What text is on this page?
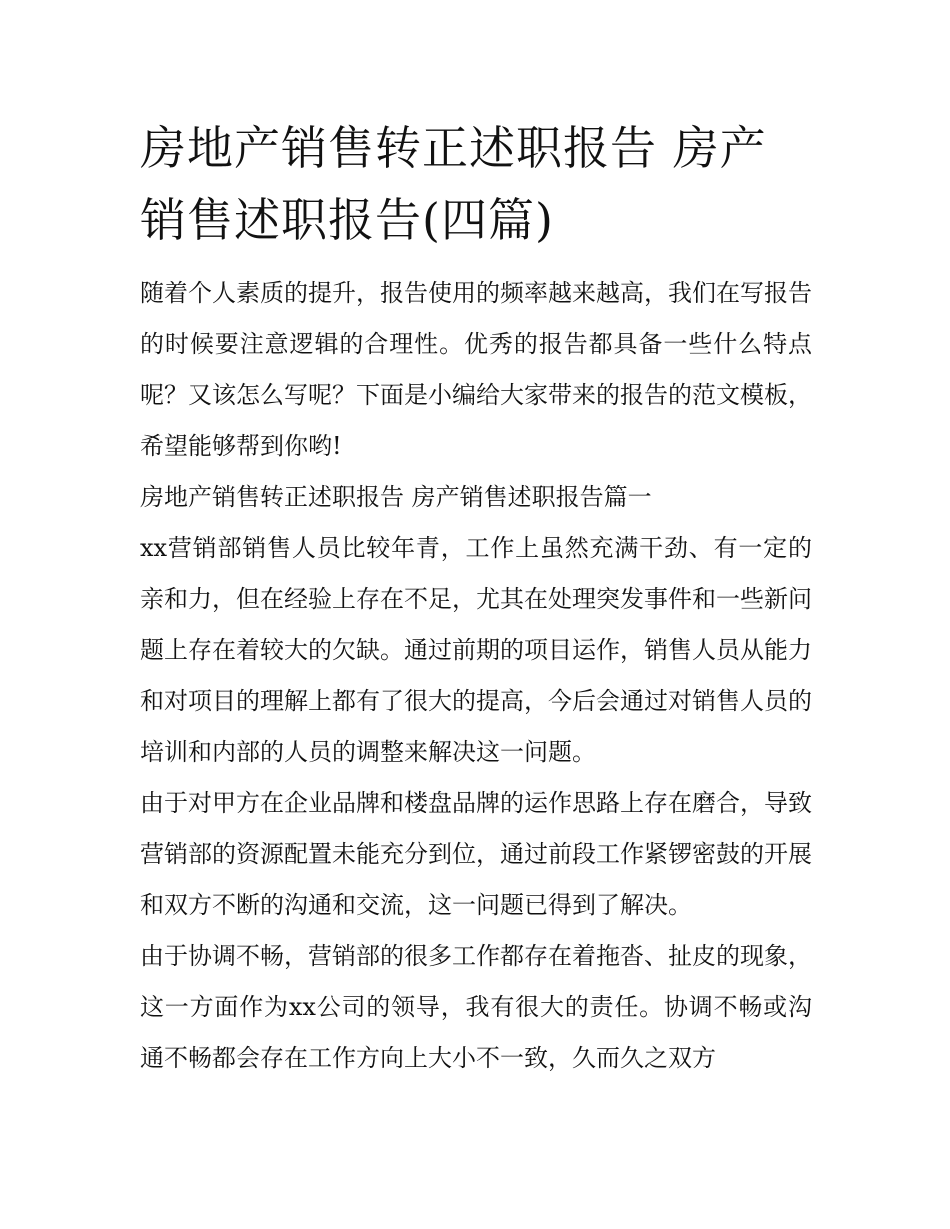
房地产销售转正述职报告 房产销售述职报告(四篇)

随着个人素质的提升，报告使用的频率越来越高，我们在写报告的时候要注意逻辑的合理性。优秀的报告都具备一些什么特点呢？又该怎么写呢？下面是小编给大家带来的报告的范文模板，希望能够帮到你哟!

房地产销售转正述职报告 房产销售述职报告篇一

xx营销部销售人员比较年青，工作上虽然充满干劲、有一定的亲和力，但在经验上存在不足，尤其在处理突发事件和一些新问题上存在着较大的欠缺。通过前期的项目运作，销售人员从能力和对项目的理解上都有了很大的提高，今后会通过对销售人员的培训和内部的人员的调整来解决这一问题。

由于对甲方在企业品牌和楼盘品牌的运作思路上存在磨合，导致营销部的资源配置未能充分到位，通过前段工作紧锣密鼓的开展和双方不断的沟通和交流，这一问题已得到了解决。

由于协调不畅，营销部的很多工作都存在着拖沓、扯皮的现象，这一方面作为xx公司的领导，我有很大的责任。协调不畅或沟通不畅都会存在工作方向上大小不一致，久而久之双方
